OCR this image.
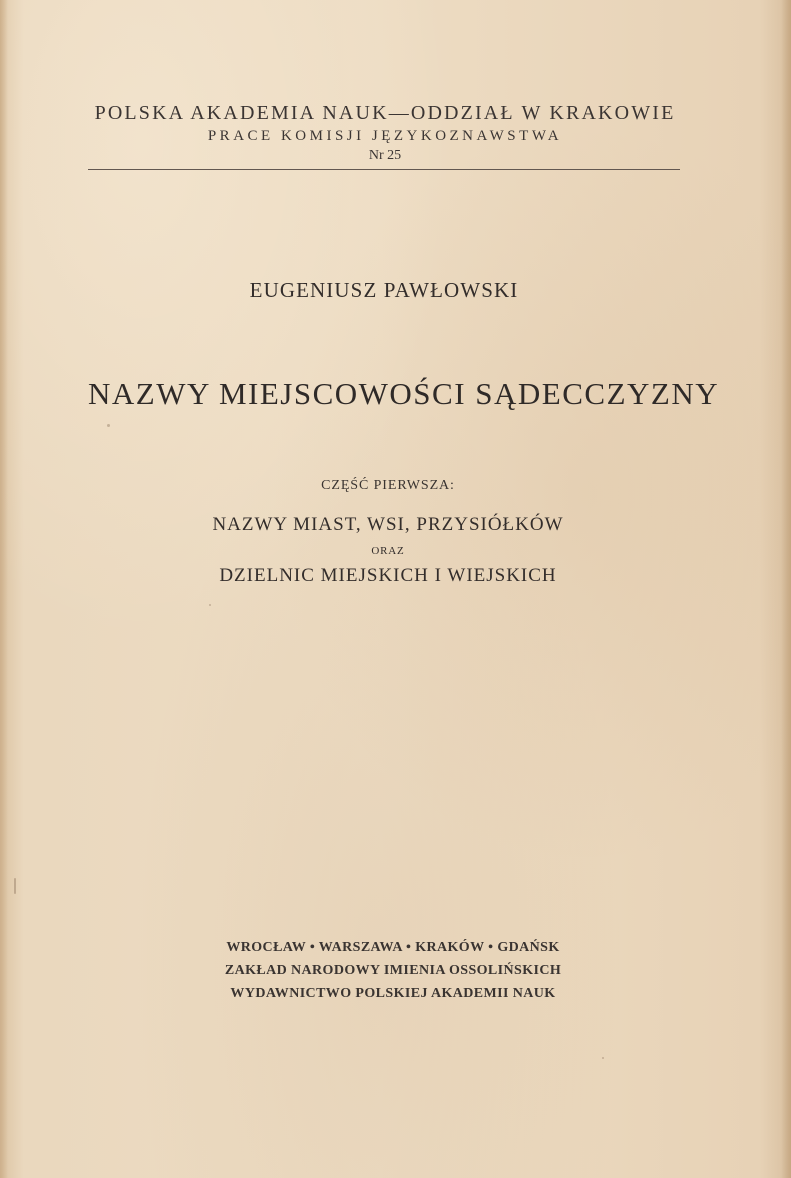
POLSKA AKADEMIA NAUK—ODDZIAŁ W KRAKOWIE
PRACE KOMISJI JĘZYKOZNAWSTWA
Nr 25
EUGENIUSZ PAWŁOWSKI
NAZWY MIEJSCOWOŚCI SĄDECCZYZNY
CZĘŚĆ PIERWSZA:
NAZWY MIAST, WSI, PRZYSIÓŁKÓW
ORAZ
DZIELNIC MIEJSKICH I WIEJSKICH
WROCŁAW • WARSZAWA • KRAKÓW • GDAŃSK
ZAKŁAD NARODOWY IMIENIA OSSOLIŃSKICH
WYDAWNICTWO POLSKIEJ AKADEMII NAUK
